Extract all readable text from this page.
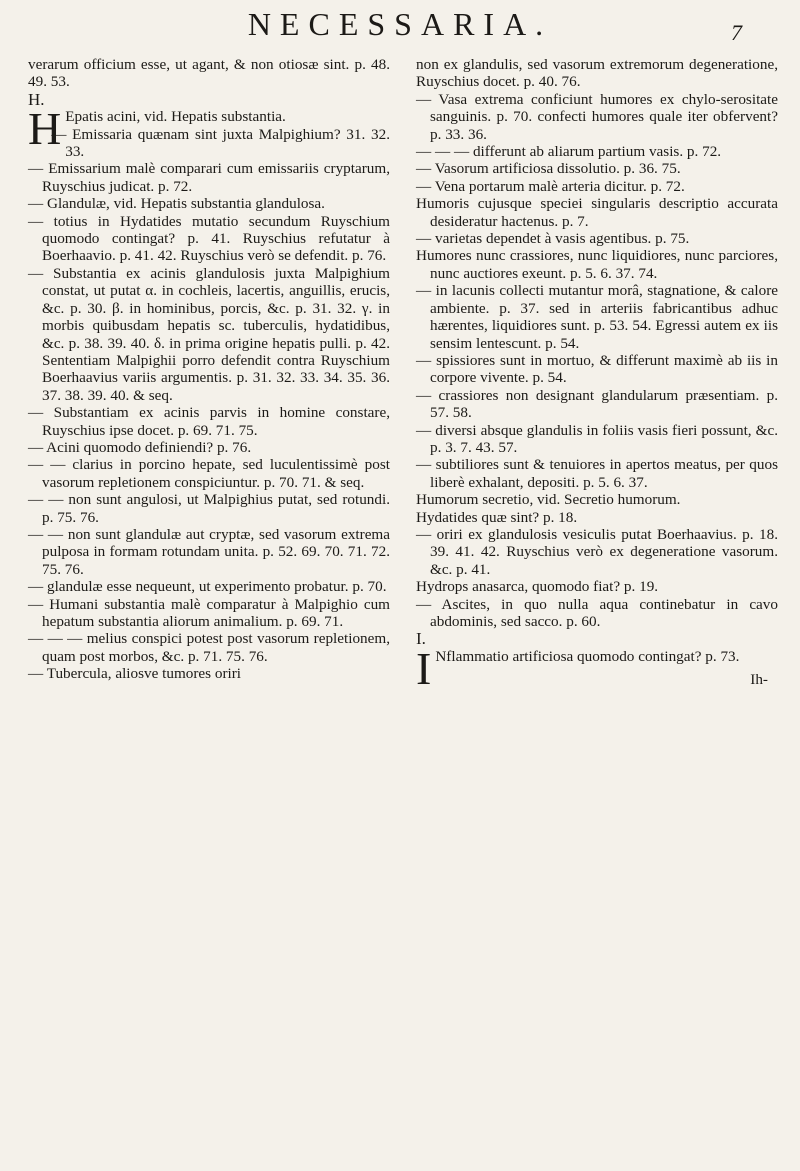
NECESSARIA.	7

verarum officium esse, ut agant, & non otiosæ sint. p. 48. 49. 53.

H.

H Epatis acini, vid. Hepatis substantia.

— Emissaria quænam sint juxta Malpighium? 31. 32. 33.

— Emissarium malè comparari cum emissariis cryptarum, Ruyschius judicat. p. 72.

— Glandulæ, vid. Hepatis substantia glandulosa.

— totius in Hydatides mutatio secundum Ruyschium quomodo contingat? p. 41. Ruyschius refutatur à Boerhaavio. p. 41. 42. Ruyschius verò se defendit. p. 76.

— Substantia ex acinis glandulosis juxta Malpighium constat, ut putat α. in cochleis, lacertis, anguillis, erucis, &c. p. 30. β. in hominibus, porcis, &c. p. 31. 32. γ. in morbis quibusdam hepatis sc. tuberculis, hydatidibus, &c. p. 38. 39. 40. δ. in prima origine hepatis pulli. p. 42. Sententiam Malpighii porro defendit contra Ruyschium Boerhaavius variis argumentis. p. 31. 32. 33. 34. 35. 36. 37. 38. 39. 40. & seq.

— Substantiam ex acinis parvis in homine constare, Ruyschius ipse docet. p. 69. 71. 75.

— Acini quomodo definiendi? p. 76.

— — clarius in porcino hepate, sed luculentissimè post vasorum repletionem conspiciuntur. p. 70. 71. & seq.

— — non sunt angulosi, ut Malpighius putat, sed rotundi. p. 75. 76.

— — non sunt glandulæ aut cryptæ, sed vasorum extrema pulposa in formam rotundam unita. p. 52. 69. 70. 71. 72. 75. 76.

— glandulæ esse nequeunt, ut experimento probatur. p. 70.

— Humani substantia malè comparatur à Malpighio cum hepatum substantia aliorum animalium. p. 69. 71.

— — — melius conspici potest post vasorum repletionem, quam post morbos, &c. p. 71. 75. 76.

— Tubercula, aliosve tumores oriri

non ex glandulis, sed vasorum extremorum degeneratione, Ruyschius docet. p. 40. 76.

— Vasa extrema conficiunt humores ex chylo-serositate sanguinis. p. 70. confecti humores quale iter obfervent? p. 33. 36.

— — — differunt ab aliarum partium vasis. p. 72.

— Vasorum artificiosa dissolutio. p. 36. 75.

— Vena portarum malè arteria dicitur. p. 72.

Humoris cujusque speciei singularis descriptio accurata desideratur hactenus. p. 7.

— varietas dependet à vasis agentibus. p. 75.

Humores nunc crassiores, nunc liquidiores, nunc parciores, nunc auctiores exeunt. p. 5. 6. 37. 74.

— in lacunis collecti mutantur morâ, stagnatione, & calore ambiente. p. 37. sed in arteriis fabricantibus adhuc hærentes, liquidiores sunt. p. 53. 54. Egressi autem ex iis sensim lentescunt. p. 54.

— spissiores sunt in mortuo, & differunt maximè ab iis in corpore vivente. p. 54.

— crassiores non designant glandularum præsentiam. p. 57. 58.

— diversi absque glandulis in foliis vasis fieri possunt, &c. p. 3. 7. 43. 57.

— subtiliores sunt & tenuiores in apertos meatus, per quos liberè exhalant, depositi. p. 5. 6. 37.

Humorum secretio, vid. Secretio humorum.

Hydatides quæ sint? p. 18.

— oriri ex glandulosis vesiculis putat Boerhaavius. p. 18. 39. 41. 42. Ruyschius verò ex degeneratione vasorum. &c. p. 41.

Hydrops anasarca, quomodo fiat? p. 19.

— Ascites, in quo nulla aqua continebatur in cavo abdominis, sed sacco. p. 60.

I.

I Nflammatio artificiosa quomodo contingat? p. 73.

Ih-
